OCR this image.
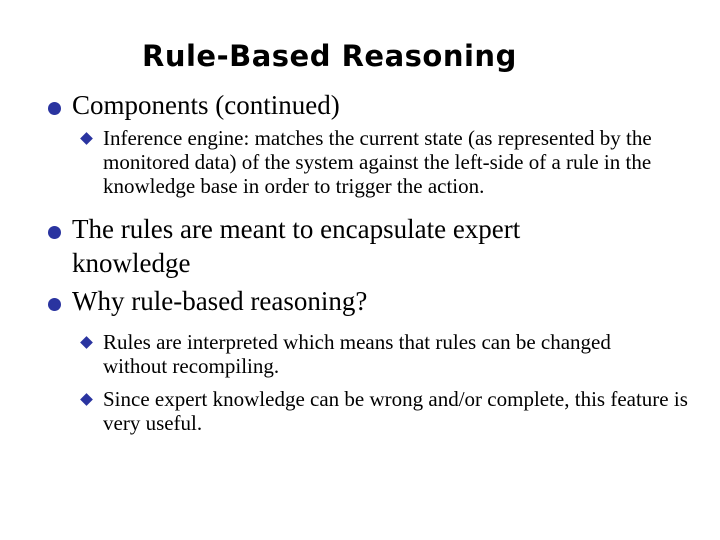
Rule-Based Reasoning
Components (continued)
Inference engine: matches the current state (as represented by the monitored data) of the system against the left-side of a rule in the knowledge base in order to trigger the action.
The rules are meant to encapsulate expert knowledge
Why rule-based reasoning?
Rules are interpreted which means that rules can be changed without recompiling.
Since expert knowledge can be wrong and/or complete, this feature is very useful.
